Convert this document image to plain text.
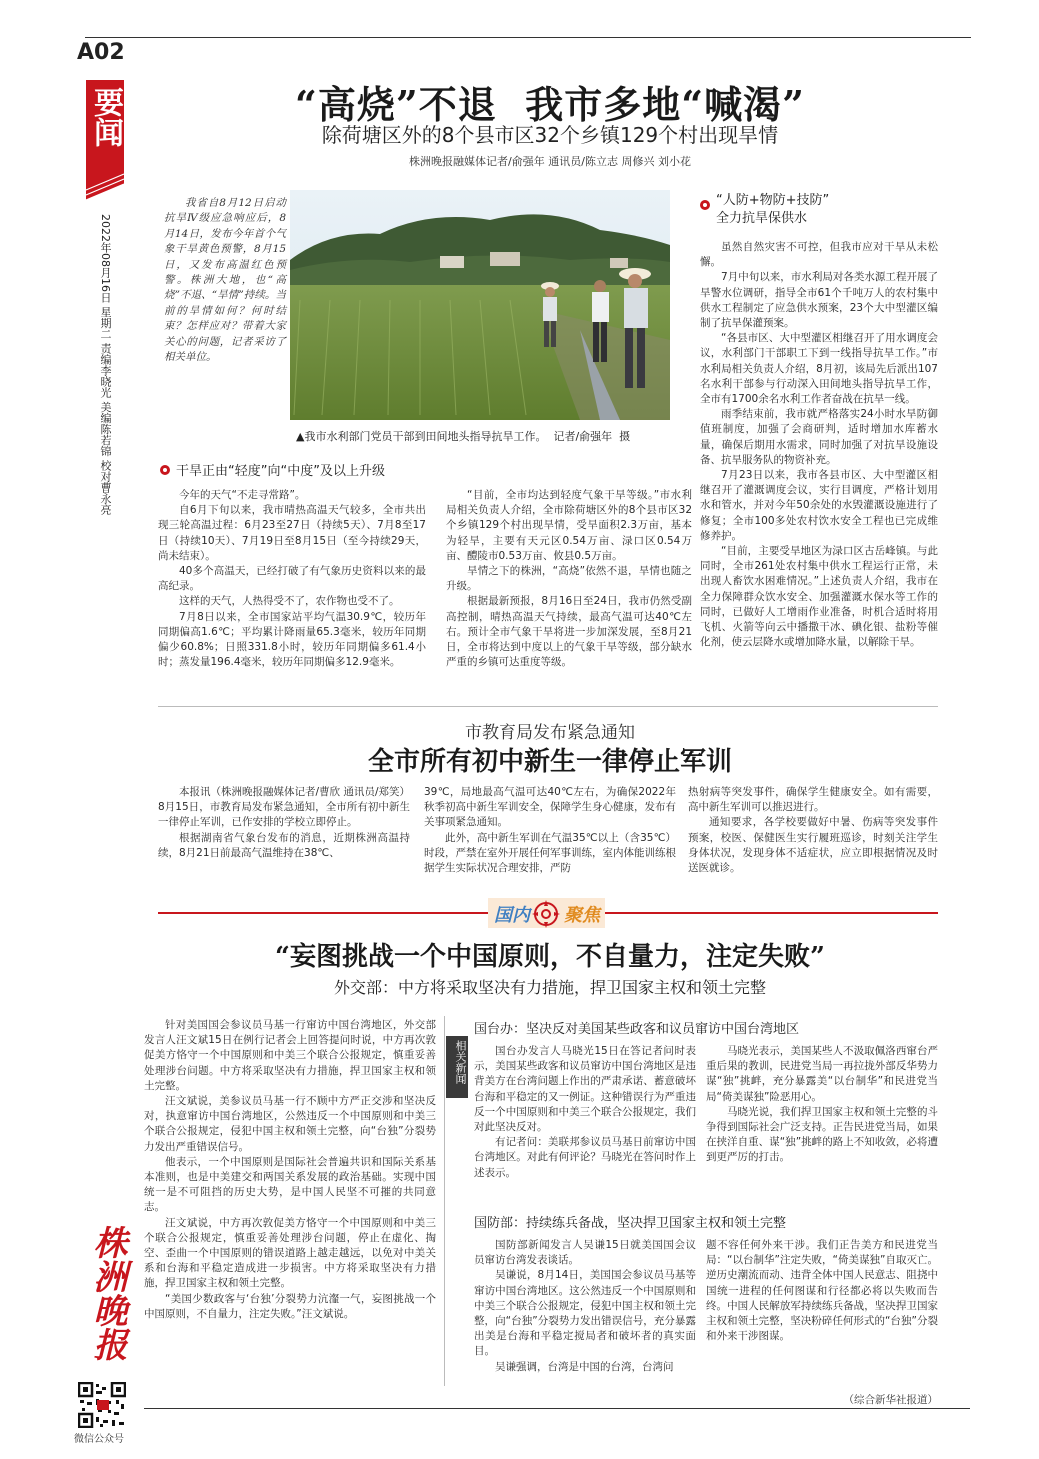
A02
要闻
2022年08月16日 星期二 责编李晓光 美编陈若锦 校对曹永亮
株洲晚报
微信公众号
“高烧”不退  我市多地“喊渴”
除荷塘区外的8个县市区32个乡镇129个村出现旱情
株洲晚报融媒体记者/俞强年 通讯员/陈立志 周修兴 刘小花
我省自8月12日启动抗旱Ⅳ级应急响应后，8月14日，发布今年首个气象干旱黄色预警，8月15日，又发布高温红色预警。株洲大地，也“高烧”不退、“旱情”持续。当前的旱情如何？何时结束？怎样应对？带着大家关心的问题，记者采访了相关单位。
▲我市水利部门党员干部到田间地头指导抗旱工作。  记者/俞强年  摄
干旱正由“轻度”向“中度”及以上升级

今年的天气“不走寻常路”。

自6月下旬以来，我市晴热高温天气较多，全市共出现三轮高温过程：6月23至27日（持续5天）、7月8至17日（持续10天）、7月19日至8月15日（至今持续29天，尚未结束）。

40多个高温天，已经打破了有气象历史资料以来的最高纪录。

这样的天气，人热得受不了，农作物也受不了。

7月8日以来，全市国家站平均气温30.9℃，较历年同期偏高1.6℃；平均累计降雨量65.3毫米，较历年同期偏少60.8%；日照331.8小时，较历年同期偏多61.4小时；蒸发量196.4毫米，较历年同期偏多12.9毫米。

“目前，全市均达到轻度气象干旱等级。”市水利局相关负责人介绍，全市除荷塘区外的8个县市区32个乡镇129个村出现旱情，受旱面积2.3万亩，基本为轻旱，主要有天元区0.54万亩、渌口区0.54万亩、醴陵市0.53万亩、攸县0.5万亩。

旱情之下的株洲，“高烧”依然不退，旱情也随之升级。

根据最新预报，8月16日至24日，我市仍然受副高控制，晴热高温天气持续，最高气温可达40℃左右。预计全市气象干旱将进一步加深发展，至8月21日，全市将达到中度以上的气象干旱等级，部分缺水严重的乡镇可达重度等级。

“人防+物防+技防”
全力抗旱保供水

虽然自然灾害不可控，但我市应对干旱从未松懈。

7月中旬以来，市水利局对各类水源工程开展了旱警水位调研，指导全市61个千吨万人的农村集中供水工程制定了应急供水预案，23个大中型灌区编制了抗旱保灌预案。

“各县市区、大中型灌区相继召开了用水调度会议，水利部门干部职工下到一线指导抗旱工作。”市水利局相关负责人介绍，8月初，该局先后派出107名水利干部参与行动深入田间地头指导抗旱工作，全市有1700余名水利工作者奋战在抗旱一线。

雨季结束前，我市就严格落实24小时水旱防御值班制度，加强了会商研判，适时增加水库蓄水量，确保后期用水需求，同时加强了对抗旱设施设备、抗旱服务队的物资补充。

7月23日以来，我市各县市区、大中型灌区相继召开了灌溉调度会议，实行目调度，严格计划用水和管水，并对今年50余处的水毁灌溉设施进行了修复；全市100多处农村饮水安全工程也已完成维修养护。

“目前，主要受旱地区为渌口区古岳峰镇。与此同时，全市261处农村集中供水工程运行正常，未出现人畜饮水困难情况。”上述负责人介绍，我市在全力保障群众饮水安全、加强灌溉水保水等工作的同时，已做好人工增雨作业准备，时机合适时将用飞机、火箭等向云中播撒干冰、碘化银、盐粉等催化剂，使云层降水或增加降水量，以解除干旱。

市教育局发布紧急通知
全市所有初中新生一律停止军训

本报讯（株洲晚报融媒体记者/曹欣 通讯员/郑笑）8月15日，市教育局发布紧急通知，全市所有初中新生一律停止军训，已作安排的学校立即停止。

根据湖南省气象台发布的消息，近期株洲高温持续，8月21日前最高气温维持在38℃、

39℃，局地最高气温可达40℃左右，为确保2022年秋季初高中新生军训安全，保障学生身心健康，发布有关事项紧急通知。

此外，高中新生军训在气温35℃以上（含35℃）时段，严禁在室外开展任何军事训练，室内体能训练根据学生实际状况合理安排，严防

热射病等突发事件，确保学生健康安全。如有需要，高中新生军训可以推迟进行。

通知要求，各学校要做好中暑、伤病等突发事件预案，校医、保健医生实行履班巡诊，时刻关注学生身体状况，发现身体不适症状，应立即根据情况及时送医就诊。

国内 聚焦
“妄图挑战一个中国原则，不自量力，注定失败”
外交部：中方将采取坚决有力措施，捍卫国家主权和领土完整

针对美国国会参议员马基一行窜访中国台湾地区，外交部发言人汪文斌15日在例行记者会上回答提问时说，中方再次敦促美方恪守一个中国原则和中美三个联合公报规定，慎重妥善处理涉台问题。中方将采取坚决有力措施，捍卫国家主权和领土完整。

汪文斌说，美参议员马基一行不顾中方严正交涉和坚决反对，执意窜访中国台湾地区，公然违反一个中国原则和中美三个联合公报规定，侵犯中国主权和领土完整，向“台独”分裂势力发出严重错误信号。

他表示，一个中国原则是国际社会普遍共识和国际关系基本准则，也是中美建交和两国关系发展的政治基础。实现中国统一是不可阻挡的历史大势，是中国人民坚不可摧的共同意志。

汪文斌说，中方再次敦促美方恪守一个中国原则和中美三个联合公报规定，慎重妥善处理涉台问题，停止在虚化、掏空、歪曲一个中国原则的错误道路上越走越远，以免对中美关系和台海和平稳定造成进一步损害。中方将采取坚决有力措施，捍卫国家主权和领土完整。

“美国少数政客与‘台独’分裂势力沆瀣一气，妄图挑战一个中国原则，不自量力，注定失败。”汪文斌说。

相关新闻
国台办：坚决反对美国某些政客和议员窜访中国台湾地区

国台办发言人马晓光15日在答记者问时表示，美国某些政客和议员窜访中国台湾地区是违背美方在台湾问题上作出的严肃承诺、蓄意破坏台海和平稳定的又一例证。这种错误行为严重违反一个中国原则和中美三个联合公报规定，我们对此坚决反对。

有记者问：美联邦参议员马基日前窜访中国台湾地区。对此有何评论？马晓光在答问时作上述表示。

马晓光表示，美国某些人不汲取佩洛西窜台严重后果的教训，民进党当局一再拉拢外部反华势力谋“独”挑衅，充分暴露美“以台制华”和民进党当局“倚美谋独”险恶用心。

马晓光说，我们捍卫国家主权和领土完整的斗争得到国际社会广泛支持。正告民进党当局，如果在挟洋自重、谋“独”挑衅的路上不知收敛，必将遭到更严厉的打击。

国防部：持续练兵备战，坚决捍卫国家主权和领土完整

国防部新闻发言人吴谦15日就美国国会议员窜访台湾发表谈话。

吴谦说，8月14日，美国国会参议员马基等窜访中国台湾地区。这公然违反一个中国原则和中美三个联合公报规定，侵犯中国主权和领土完整，向“台独”分裂势力发出错误信号，充分暴露出美是台海和平稳定搅局者和破坏者的真实面目。

吴谦强调，台湾是中国的台湾，台湾问

题不容任何外来干涉。我们正告美方和民进党当局：“以台制华”注定失败，“倚美谋独”自取灭亡。逆历史潮流而动、违背全体中国人民意志、阻挠中国统一进程的任何图谋和行径都必将以失败而告终。中国人民解放军持续练兵备战，坚决捍卫国家主权和领土完整，坚决粉碎任何形式的“台独”分裂和外来干涉图谋。

（综合新华社报道）
